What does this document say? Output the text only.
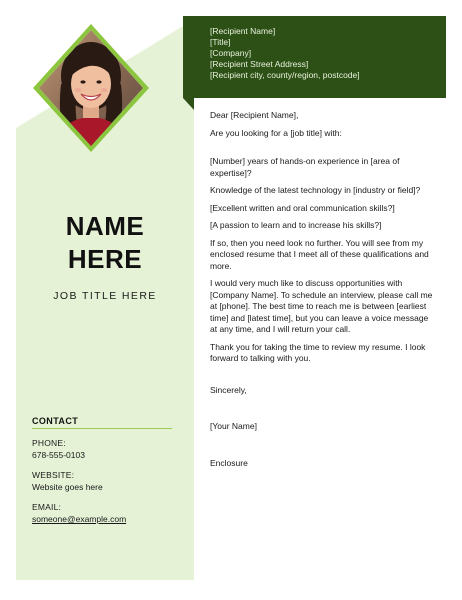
NAME
HERE
JOB TITLE HERE
CONTACT
PHONE:
678-555-0103
WEBSITE:
Website goes here
EMAIL:
someone@example.com
[Recipient Name]
[Title]
[Company]
[Recipient Street Address]
[Recipient city, county/region, postcode]

Dear [Recipient Name],

Are you looking for a [job title] with:

[Number] years of hands-on experience in [area of expertise]?

Knowledge of the latest technology in [industry or field]?

[Excellent written and oral communication skills?]

[A passion to learn and to increase his skills?]

If so, then you need look no further. You will see from my enclosed resume that I meet all of these qualifications and more.

I would very much like to discuss opportunities with [Company Name]. To schedule an interview, please call me at [phone]. The best time to reach me is between [earliest time] and [latest time], but you can leave a voice message at any time, and I will return your call.

Thank you for taking the time to review my resume. I look forward to talking with you.

Sincerely,

[Your Name]

Enclosure
